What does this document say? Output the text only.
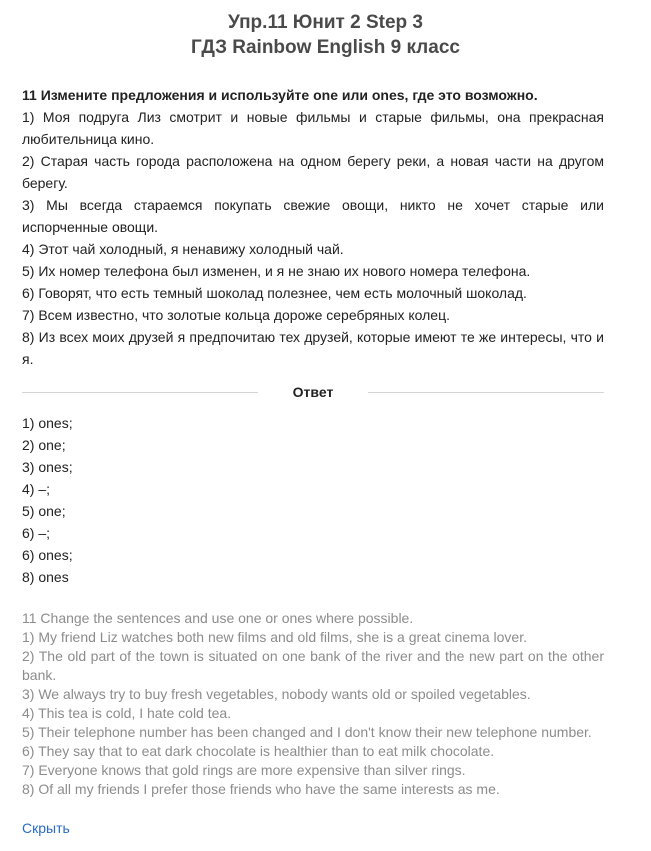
Упр.11 Юнит 2 Step 3
ГДЗ Rainbow English 9 класс

11 Измените предложения и используйте one или ones, где это возможно.

1) Моя подруга Лиз смотрит и новые фильмы и старые фильмы, она прекрасная любительница кино.

2) Старая часть города расположена на одном берегу реки, а новая части на другом берегу.

3) Мы всегда стараемся покупать свежие овощи, никто не хочет старые или испорченные овощи.

4) Этот чай холодный, я ненавижу холодный чай.

5) Их номер телефона был изменен, и я не знаю их нового номера телефона.

6) Говорят, что есть темный шоколад полезнее, чем есть молочный шоколад.

7) Всем известно, что золотые кольца дороже серебряных колец.

8) Из всех моих друзей я предпочитаю тех друзей, которые имеют те же интересы, что и я.

Ответ
1) ones;
2) one;
3) ones;
4) –;
5) one;
6) –;
6) ones;
8) ones

11 Change the sentences and use one or ones where possible.

1) My friend Liz watches both new films and old films, she is a great cinema lover.

2) The old part of the town is situated on one bank of the river and the new part on the other bank.

3) We always try to buy fresh vegetables, nobody wants old or spoiled vegetables.

4) This tea is cold, I hate cold tea.

5) Their telephone number has been changed and I don't know their new telephone number.

6) They say that to eat dark chocolate is healthier than to eat milk chocolate.

7) Everyone knows that gold rings are more expensive than silver rings.

8) Of all my friends I prefer those friends who have the same interests as me.

Скрыть
